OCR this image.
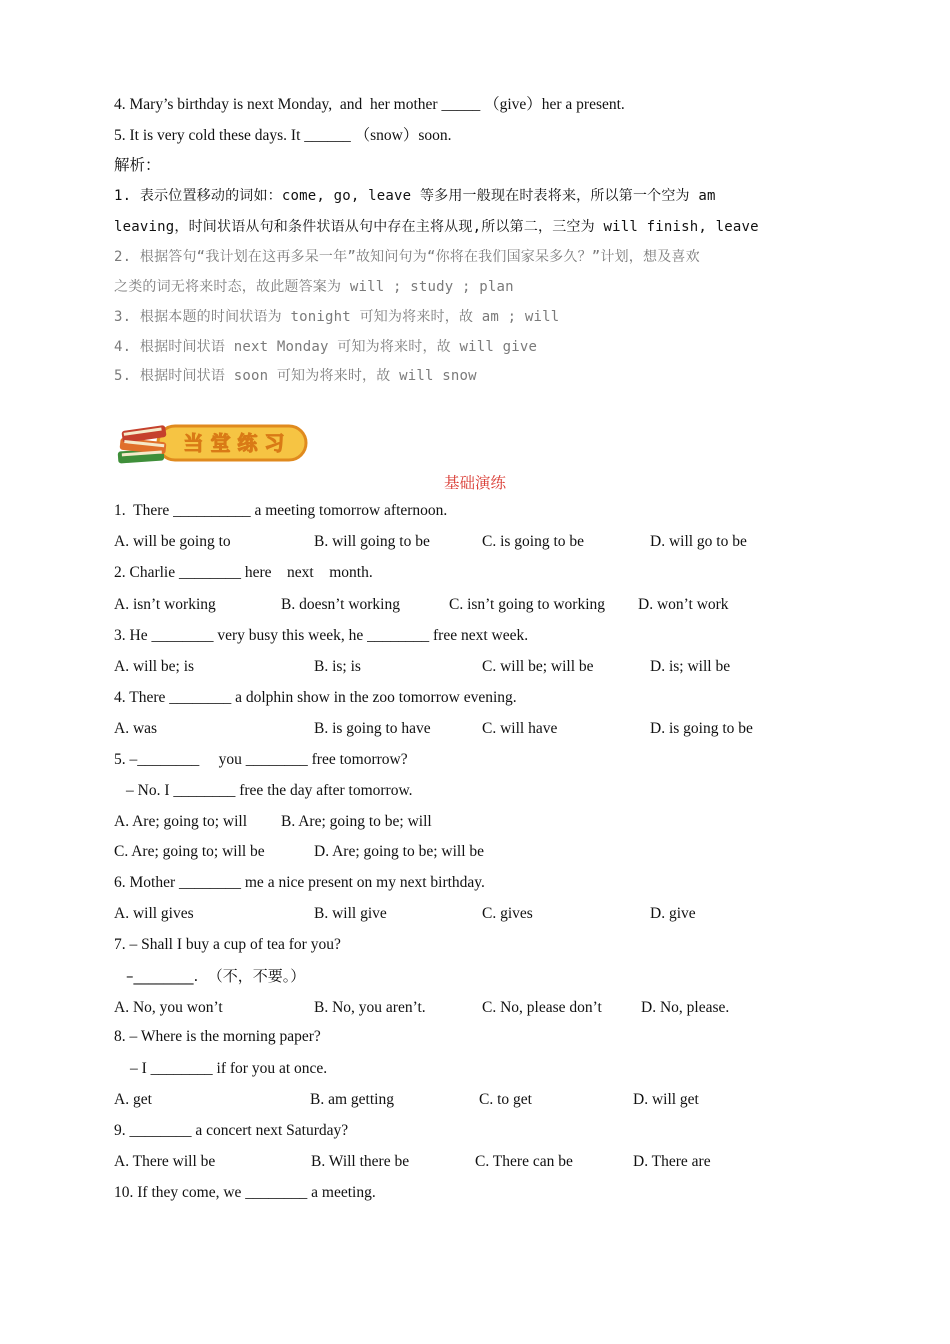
4. Mary’s birthday is next Monday,  and  her mother _____ （give）her a present.
5. It is very cold these days. It ______ （snow）soon.
解析：
1. 表示位置移动的词如：come, go, leave 等多用一般现在时表将来，所以第一个空为 am
leaving，时间状语从句和条件状语从句中存在主将从现,所以第二，三空为 will finish, leave
2. 根据答句“我计划在这再多呆一年”故知问句为“你将在我们国家呆多久？”计划，想及喜欢
之类的词无将来时态，故此题答案为 will ; study ; plan
3. 根据本题的时间状语为 tonight 可知为将来时，故 am ; will
4. 根据时间状语 next Monday 可知为将来时，故 will give
5. 根据时间状语 soon 可知为将来时，故 will snow
当 堂 练 习
基础演练
1.  There __________ a meeting tomorrow afternoon.
A. will be going to	B. will going to be	C. is going to be	D. will go to be
2. Charlie ________ here    next    month.
A. isn’t working	B. doesn’t working	C. isn’t going to working D. won’t work
3. He ________ very busy this week, he ________ free next week.
A. will be; is	B. is; is	C. will be; will be	D. is; will be
4. There ________ a dolphin show in the zoo tomorrow evening.
A. was	B. is going to have	C. will have	D. is going to be
5. –________     you ________ free tomorrow?
– No. I ________ free the day after tomorrow.
A. Are; going to; will B. Are; going to be; will
C. Are; going to; will be	D. Are; going to be; will be
6. Mother ________ me a nice present on my next birthday.
A. will gives	B. will give	C. gives	D. give
7. – Shall I buy a cup of tea for you?
–________.  （不，不要。）
A. No, you won’t	B. No, you aren’t.	C. No, please don’t	D. No, please.
8. – Where is the morning paper?
– I ________ if for you at once.
A. get	B. am getting	C. to get	D. will get
9. ________ a concert next Saturday?
A. There will be	B. Will there be	C. There can be	D. There are
10. If they come, we ________ a meeting.
